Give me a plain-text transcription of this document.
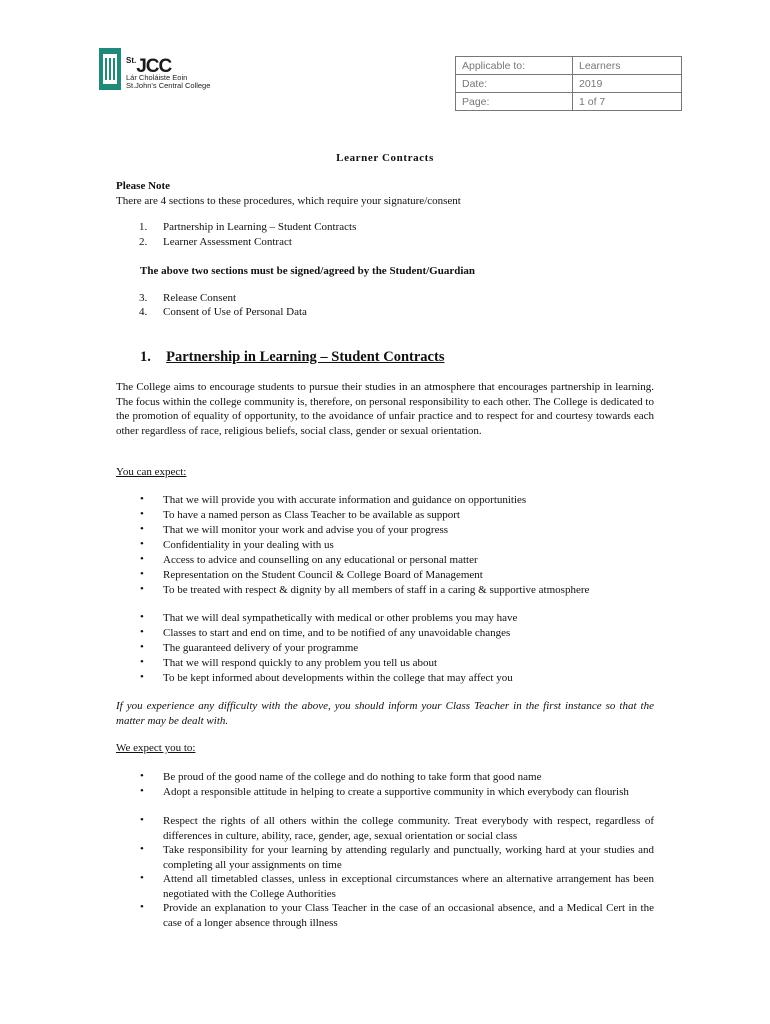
$^{St.}$JCC
Lár Choláiste Eoin
St.John's Central College
Applicable to:	Learners
Date:	2019
Page:	1 of 7
Learner Contracts
Please Note
There are 4 sections to these procedures, which require your signature/consent
1. Partnership in Learning – Student Contracts
2. Learner Assessment Contract
The above two sections must be signed/agreed by the Student/Guardian
3. Release Consent
4. Consent of Use of Personal Data
1. Partnership in Learning – Student Contracts
The College aims to encourage students to pursue their studies in an atmosphere that encourages partnership in learning. The focus within the college community is, therefore, on personal responsibility to each other. The College is dedicated to the promotion of equality of opportunity, to the avoidance of unfair practice and to respect for and courtesy towards each other regardless of race, religious beliefs, social class, gender or sexual orientation.
You can expect:
• That we will provide you with accurate information and guidance on opportunities
• To have a named person as Class Teacher to be available as support
• That we will monitor your work and advise you of your progress
• Confidentiality in your dealing with us
• Access to advice and counselling on any educational or personal matter
• Representation on the Student Council & College Board of Management
• To be treated with respect & dignity by all members of staff in a caring & supportive atmosphere
• That we will deal sympathetically with medical or other problems you may have
• Classes to start and end on time, and to be notified of any unavoidable changes
• The guaranteed delivery of your programme
• That we will respond quickly to any problem you tell us about
• To be kept informed about developments within the college that may affect you
If you experience any difficulty with the above, you should inform your Class Teacher in the first instance so that the matter may be dealt with.
We expect you to:
• Be proud of the good name of the college and do nothing to take form that good name
• Adopt a responsible attitude in helping to create a supportive community in which everybody can flourish
• Respect the rights of all others within the college community. Treat everybody with respect, regardless of differences in culture, ability, race, gender, age, sexual orientation or social class
• Take responsibility for your learning by attending regularly and punctually, working hard at your studies and completing all your assignments on time
• Attend all timetabled classes, unless in exceptional circumstances where an alternative arrangement has been negotiated with the College Authorities
• Provide an explanation to your Class Teacher in the case of an occasional absence, and a Medical Cert in the case of a longer absence through illness
